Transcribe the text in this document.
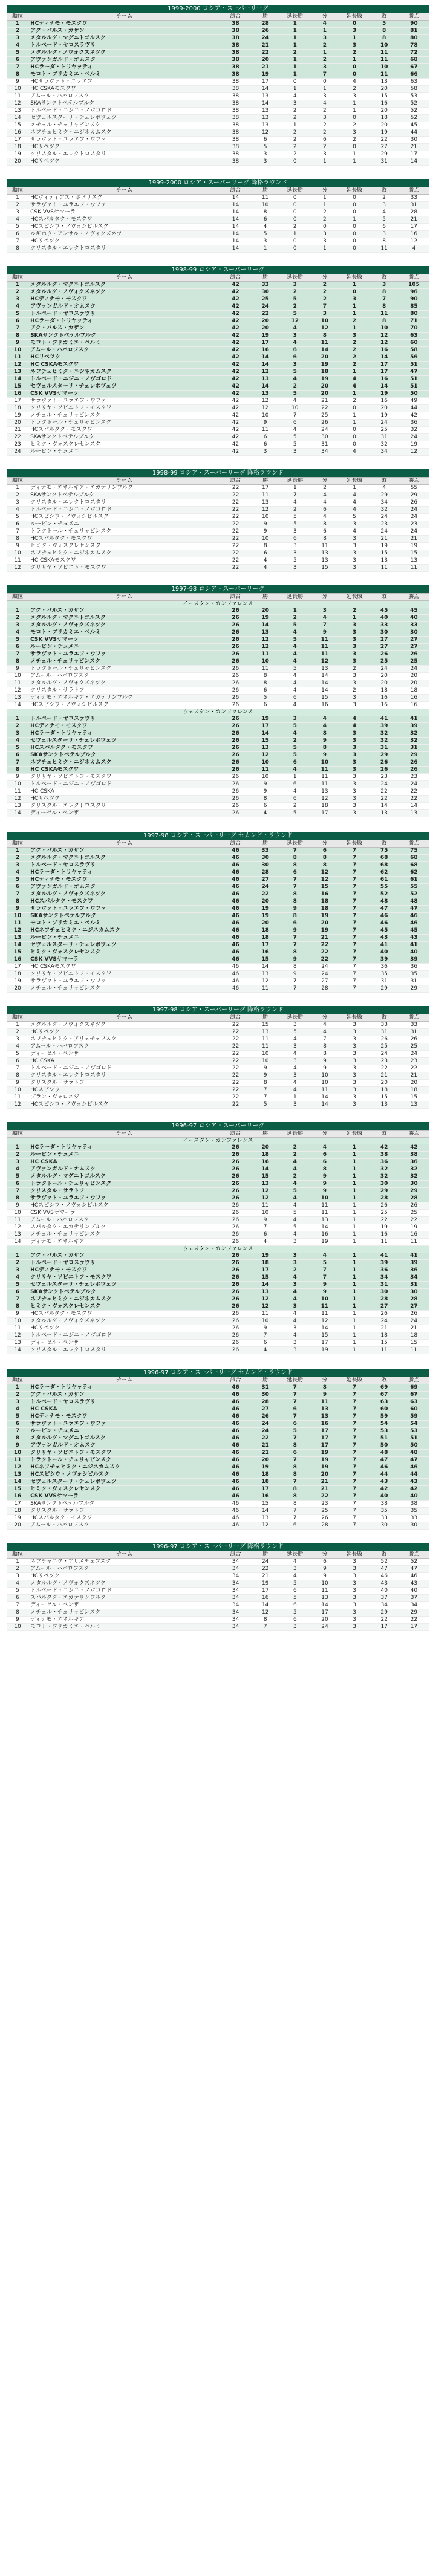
1999-2000 ロシア・スーパーリーグ								
順位	チーム	試合	勝	延長勝	分	延長敗	敗	勝点
1	HCディナモ・モスクワ	38	28	1	4	0	5	90
2	アク・バルス・カザン	38	26	1	1	3	8	81
3	メタルルグ・マグニトゴルスク	38	24	1	3	1	8	80
4	トルペード・ヤロスラヴリ	38	21	1	2	3	10	78
5	メタルルグ・ノヴォクズネツク	38	22	2	1	2	11	72
6	アヴァンガルド・オムスク	38	20	1	2	1	11	68
7	HCラーダ・トリヤッティ	38	21	1	3	0	10	67
8	モロト・プリカミエ・ペルミ	38	19	1	7	0	11	66
9	HCサラヴァト・ユラエフ	38	17	0	0	4	13	63
10	HC CSKAモスクワ	38	14	1	1	2	20	58
11	アムール・ハバロフスク	38	13	4	3	3	15	53
12	SKAサンクトペテルブルク	38	14	3	4	1	16	52
13	トルペード・ニジニ・ノヴゴロド	38	13	2	2	1	20	52
14	セヴェルスターリ・チェレポヴェツ	38	13	2	3	0	18	52
15	メチェル・チェリャビンスク	38	13	1	2	2	20	45
16	ネフチェヒミク・ニジネカムスク	38	12	2	2	3	19	44
17	サラヴァト・ユラエフ・ウファ	38	6	2	6	2	22	30
18	HCリペツク	38	5	2	2	0	27	21
19	クリスタル・エレクトロスタリ	38	3	2	3	1	29	17
20	HCリペツク	38	3	0	1	1	31	14
1999-2000 ロシア・スーパーリーグ 降格ラウンド								
順位	チーム	試合	勝	延長勝	分	延長敗	敗	勝点
1	HCヴィティアズ・ポドリスク	14	11	0	1	0	2	33
2	サラヴァト・ユラエフ・ウファ	14	10	0	1	0	3	31
3	CSK VVSサマーラ	14	8	0	2	0	4	28
4	HCスパルタク・モスクワ	14	6	0	2	1	5	21
5	HCスピシウ・ノヴォシビルスク	14	4	2	0	0	6	17
6	ルギホウ・アンサル・ノヴォクズネツ	14	5	1	3	0	3	16
7	HCリペツク	14	3	0	3	0	8	12
8	クリスタル・エレクトロスタリ	14	1	0	1	0	11	4
1998-99 ロシア・スーパーリーグ								
順位	チーム	試合	勝	延長勝	分	延長敗	敗	勝点
1	メタルルグ・マグニトゴルスク	42	33	3	2	1	3	105
2	メタルルグ・ノヴォクズネツク	42	30	2	2	0	8	96
3	HCディナモ・モスクワ	42	25	5	2	3	7	90
4	アヴァンガルド・オムスク	42	24	2	7	1	8	85
5	トルペード・ヤロスラヴリ	42	22	5	3	1	11	80
6	HCラーダ・トリヤッティ	42	20	12	10	2	8	71
7	アク・バルス・カザン	42	20	4	12	1	10	70
8	SKAサンクトペテルブルク	42	19	3	8	3	12	63
9	モロト・プリカミエ・ペルミ	42	17	4	11	2	12	60
10	アムール・ハバロフスク	42	16	6	14	2	16	58
11	HCリペツク	42	14	6	20	2	14	56
12	HC CSKAモスクワ	42	14	3	19	2	17	51
13	ネフチェヒミク・ニジネカムスク	42	12	5	18	1	17	47
14	トルペード・ニジニ・ノヴゴロド	42	13	4	19	4	16	51
15	セヴェルスターリ・チェレポヴェツ	42	14	2	20	4	14	51
16	CSK VVSサマーラ	42	13	5	20	1	19	50
17	サラヴァト・ユラエフ・ウファ	42	12	4	21	2	16	49
18	クリリヤ・ソビエトフ・モスクワ	42	12	10	22	0	20	44
19	メチェル・チェリャビンスク	42	10	7	25	1	19	42
20	トラクトール・チェリャビンスク	42	9	6	26	1	24	36
21	HCスパルタク・モスクワ	42	11	4	24	0	25	32
22	SKAサンクトペテルブルク	42	6	5	30	0	31	24
23	ヒミク・ヴォスクレセンスク	42	6	5	31	0	32	19
24	ルービン・チュメニ	42	3	3	34	4	34	12
1998-99 ロシア・スーパーリーグ 降格ラウンド								
順位	チーム	試合	勝	延長勝	分	延長敗	敗	勝点
1	ディナモ・エネルギア・エカテリンブルク	22	17	1	2	1	4	55
2	SKAサンクトペテルブルク	22	11	7	4	4	29	29
3	クリスタル・エレクトロスタリ	22	13	4	4	4	34	26
4	トルペード・ニジニ・ノヴゴロド	22	12	2	6	4	32	24
5	HCスピシウ・ノヴォシビルスク	22	10	5	4	5	24	24
6	ルービン・チュメニ	22	9	5	8	3	23	23
7	トラクトール・チェリャビンスク	22	9	3	6	4	24	24
8	HCスパルタク・モスクワ	22	10	6	8	3	21	21
9	ヒミク・ヴォスクレセンスク	22	8	3	11	3	19	19
10	ネフチェヒミク・ニジネカムスク	22	6	3	13	3	15	15
11	HC CSKAモスクワ	22	4	5	13	3	13	13
12	クリリヤ・ソビエト・モスクワ	22	4	3	15	3	11	11
1997-98 ロシア・スーパーリーグ								
順位	チーム	試合	勝	延長勝	分	延長敗	敗	勝点
イースタン・カンファレンス								
1	アク・バルス・カザン	26	20	1	3	2	45	45
2	メタルルグ・マグニトゴルスク	26	19	2	4	1	40	40
3	メタルルグ・ノヴォクズネツク	26	14	5	7	3	33	33
4	モロト・プリカミエ・ペルミ	26	13	4	9	3	30	30
5	CSK VVSサマーラ	26	12	5	11	3	27	27
6	ルービン・チュメニ	26	12	4	11	3	27	27
7	サラヴァト・ユラエフ・ウファ	26	11	4	11	3	26	26
8	メチェル・チェリャビンスク	26	10	4	12	3	25	25
9	トラクトール・チェリャビンスク	26	11	5	13	2	24	24
10	アムール・ハバロフスク	26	8	4	14	3	20	20
11	メタルルグ・ノヴォクズネツク	26	8	4	14	3	20	20
12	クリスタル・サラトフ	26	6	4	14	2	18	18
13	ディナモ・エネルギア・エカテリンブルク	26	5	6	15	3	16	16
14	HCスピシウ・ノヴォシビルスク	26	6	4	16	3	16	16
ウェスタン・カンファレンス								
1	トルペード・ヤロスラヴリ	26	19	3	4	4	41	41
2	HCディナモ・モスクワ	26	17	5	4	4	39	39
3	HCラーダ・トリヤッティ	26	14	4	8	3	32	32
4	セヴェルスターリ・チェレポヴェツ	26	15	2	9	3	32	32
5	HCスパルタク・モスクワ	26	13	5	8	3	31	31
6	SKAサンクトペテルブルク	26	12	5	9	3	29	29
7	ネフチェヒミク・ニジネカムスク	26	10	6	10	3	26	26
8	HC CSKAモスクワ	26	11	4	11	3	26	26
9	クリリヤ・ソビエトフ・モスクワ	26	10	1	11	3	23	23
10	トルペード・ニジニ・ノヴゴロド	26	9	6	11	3	24	24
11	HC CSKA	26	9	4	13	3	22	22
12	HCリペツク	26	8	6	12	3	22	22
13	クリスタル・エレクトロスタリ	26	6	2	18	3	14	14
14	ディーゼル・ペンザ	26	4	5	17	3	13	13
1997-98 ロシア・スーパーリーグ セカンド・ラウンド								
順位	チーム	試合	勝	延長勝	分	延長敗	敗	勝点
1	アク・バルス・カザン	46	33	7	6	7	75	75
2	メタルルグ・マグニトゴルスク	46	30	8	8	7	68	68
3	トルペード・ヤロスラヴリ	46	30	8	8	7	68	68
4	HCラーダ・トリヤッティ	46	28	6	12	7	62	62
5	HCディナモ・モスクワ	46	27	7	12	7	61	61
6	アヴァンガルド・オムスク	46	24	7	15	7	55	55
7	メタルルグ・ノヴォクズネツク	46	22	8	16	7	52	52
8	HCスパルタク・モスクワ	46	20	8	18	7	48	48
9	サラヴァト・ユラエフ・ウファ	46	19	9	18	7	47	47
10	SKAサンクトペテルブルク	46	19	8	19	7	46	46
11	モロト・プリカミエ・ペルミ	46	20	6	20	7	46	46
12	HCネフチェヒミク・ニジネカムスク	46	18	9	19	7	45	45
13	ルービン・チュメニ	46	18	7	21	7	43	43
14	セヴェルスターリ・チェレポヴェツ	46	17	7	22	7	41	41
15	ヒミク・ヴォスクレセンスク	46	16	8	22	7	40	40
16	CSK VVSサマーラ	46	15	9	22	7	39	39
17	HC CSKAモスクワ	46	14	8	24	7	36	36
18	クリリヤ・ソビエトフ・モスクワ	46	13	9	24	7	35	35
19	サラヴァト・ユラエフ・ウファ	46	12	7	27	7	31	31
20	メチェル・チェリャビンスク	46	11	7	28	7	29	29
1997-98 ロシア・スーパーリーグ 降格ラウンド								
順位	チーム	試合	勝	延長勝	分	延長敗	敗	勝点
1	メタルルグ・ノヴォクズネツク	22	15	3	4	3	33	33
2	HCリペツク	22	13	5	4	3	31	31
3	ネフチェヒミク・アリェチェフスク	22	11	4	7	3	26	26
4	アムール・ハバロフスク	22	11	3	8	3	25	25
5	ディーゼル・ペンザ	22	10	4	8	3	24	24
6	HC CSKA	22	10	3	9	3	23	23
7	トルペード・ニジニ・ノヴゴロド	22	9	4	9	3	22	22
8	クリスタル・エレクトロスタリ	22	9	3	10	3	21	21
9	クリスタル・サラトフ	22	8	4	10	3	20	20
10	HCスピシウ	22	7	4	11	3	18	18
11	ブラン・ヴォロネジ	22	7	1	14	3	15	15
12	HCスピシウ・ノヴォシビルスク	22	5	3	14	3	13	13
1996-97 ロシア・スーパーリーグ								
順位	チーム	試合	勝	延長勝	分	延長敗	敗	勝点
イースタン・カンファレンス								
1	HCラーダ・トリヤッティ	26	20	2	4	1	42	42
2	ルービン・チュメニ	26	18	2	6	1	38	38
3	HC CSKA	26	16	4	6	1	36	36
4	アヴァンガルド・オムスク	26	14	4	8	1	32	32
5	メタルルグ・マグニトゴルスク	26	15	2	9	1	32	32
6	トラクトール・チェリャビンスク	26	13	4	9	1	30	30
7	クリスタル・サラトフ	26	12	5	9	1	29	29
8	サラヴァト・ユラエフ・ウファ	26	12	4	10	1	28	28
9	HCスピシウ・ノヴォシビルスク	26	11	4	11	1	26	26
10	CSK VVSサマーラ	26	10	5	11	1	25	25
11	アムール・ハバロフスク	26	9	4	13	1	22	22
12	スパルタク・エカテリンブルク	26	7	5	14	1	19	19
13	メチェル・チェリャビンスク	26	6	4	16	1	16	16
14	ディナモ・エネルギア	26	4	3	19	1	11	11
ウェスタン・カンファレンス								
1	アク・バルス・カザン	26	19	3	4	1	41	41
2	トルペード・ヤロスラヴリ	26	18	3	5	1	39	39
3	HCディナモ・モスクワ	26	17	2	7	1	36	36
4	クリリヤ・ソビエトフ・モスクワ	26	15	4	7	1	34	34
5	セヴェルスターリ・チェレポヴェツ	26	14	3	9	1	31	31
6	SKAサンクトペテルブルク	26	13	4	9	1	30	30
7	ネフチェヒミク・ニジネカムスク	26	12	4	10	1	28	28
8	ヒミク・ヴォスクレセンスク	26	12	3	11	1	27	27
9	HCスパルタク・モスクワ	26	11	4	11	1	26	26
10	メタルルグ・ノヴォクズネツク	26	10	4	12	1	24	24
11	HCリペツク	26	9	3	14	1	21	21
12	トルペード・ニジニ・ノヴゴロド	26	7	4	15	1	18	18
13	ディーゼル・ペンザ	26	6	3	17	1	15	15
14	クリスタル・エレクトロスタリ	26	4	3	19	1	11	11
1996-97 ロシア・スーパーリーグ セカンド・ラウンド								
順位	チーム	試合	勝	延長勝	分	延長敗	敗	勝点
1	HCラーダ・トリヤッティ	46	31	7	8	7	69	69
2	アク・バルス・カザン	46	30	7	9	7	67	67
3	トルペード・ヤロスラヴリ	46	28	7	11	7	63	63
4	HC CSKA	46	27	6	13	7	60	60
5	HCディナモ・モスクワ	46	26	7	13	7	59	59
6	サラヴァト・ユラエフ・ウファ	46	24	6	16	7	54	54
7	ルービン・チュメニ	46	24	5	17	7	53	53
8	メタルルグ・マグニトゴルスク	46	22	7	17	7	51	51
9	アヴァンガルド・オムスク	46	21	8	17	7	50	50
10	クリリヤ・ソビエトフ・モスクワ	46	21	6	19	7	48	48
11	トラクトール・チェリャビンスク	46	20	7	19	7	47	47
12	HCネフチェヒミク・ニジネカムスク	46	19	8	19	7	46	46
13	HCスピシウ・ノヴォシビルスク	46	18	8	20	7	44	44
14	セヴェルスターリ・チェレポヴェツ	46	18	7	21	7	43	43
15	ヒミク・ヴォスクレセンスク	46	17	8	21	7	42	42
16	CSK VVSサマーラ	46	16	8	22	7	40	40
17	SKAサンクトペテルブルク	46	15	8	23	7	38	38
18	クリスタル・サラトフ	46	14	7	25	7	35	35
19	HCスパルタク・モスクワ	46	13	7	26	7	33	33
20	アムール・ハバロフスク	46	12	6	28	7	30	30
1996-97 ロシア・スーパーリーグ 降格ラウンド								
順位	チーム	試合	勝	延長勝	分	延長敗	敗	勝点
1	ネフチャニク・アリメチェフスク	34	24	4	6	3	52	52
2	アムール・ハバロフスク	34	22	3	9	3	47	47
3	HCリペツク	34	21	4	9	3	46	46
4	メタルルグ・ノヴォクズネツク	34	19	5	10	3	43	43
5	トルペード・ニジニ・ノヴゴロド	34	17	6	11	3	40	40
6	スパルタク・エカテリンブルク	34	16	5	13	3	37	37
7	ディーゼル・ペンザ	34	14	6	14	3	34	34
8	メチェル・チェリャビンスク	34	12	5	17	3	29	29
9	ディナモ・エネルギア	34	8	6	20	3	22	22
10	モロト・プリカミエ・ペルミ	34	7	3	24	3	17	17
